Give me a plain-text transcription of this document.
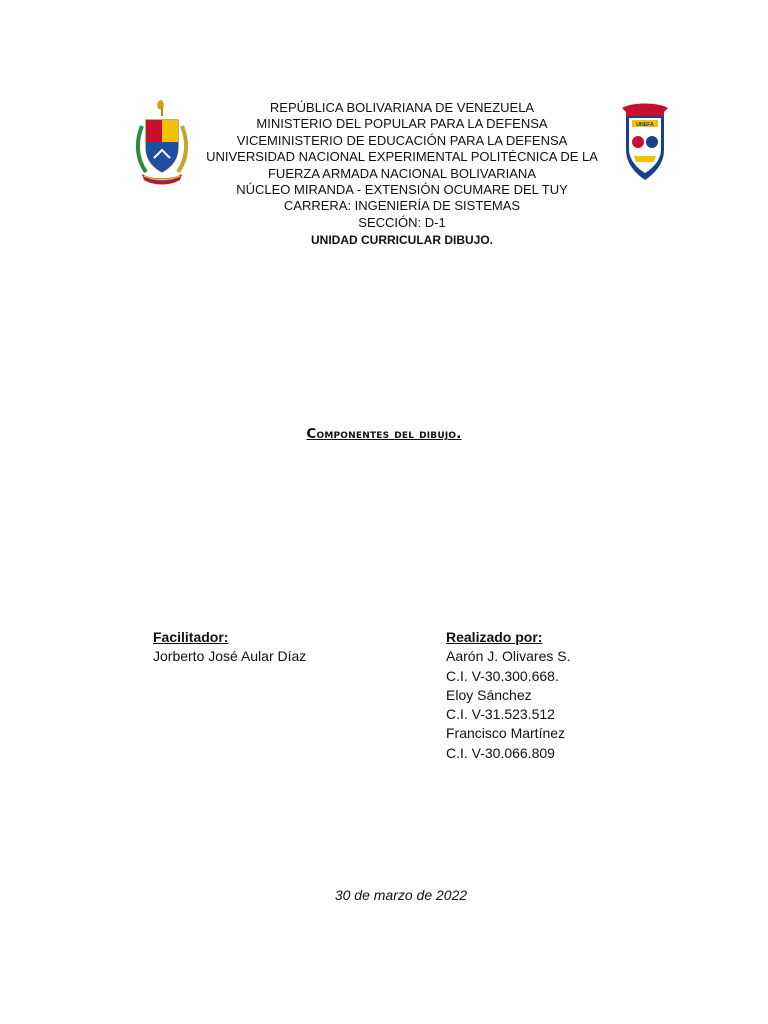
UNEFA
REPÚBLICA BOLIVARIANA DE VENEZUELA
MINISTERIO DEL POPULAR PARA LA DEFENSA
VICEMINISTERIO DE EDUCACIÓN PARA LA DEFENSA
UNIVERSIDAD NACIONAL EXPERIMENTAL POLITÉCNICA DE LA
FUERZA ARMADA NACIONAL BOLIVARIANA
NÚCLEO MIRANDA - EXTENSIÓN OCUMARE DEL TUY
CARRERA: INGENIERÍA DE SISTEMAS
SECCIÓN: D-1
UNIDAD CURRICULAR DIBUJO.
Componentes del dibujo.
Facilitador:
Jorberto José Aular Díaz
Realizado por:
Aarón J. Olivares S.
C.I. V-30.300.668.
Eloy Sánchez
C.I. V-31.523.512
Francisco Martínez
C.I. V-30.066.809
30 de marzo de 2022
